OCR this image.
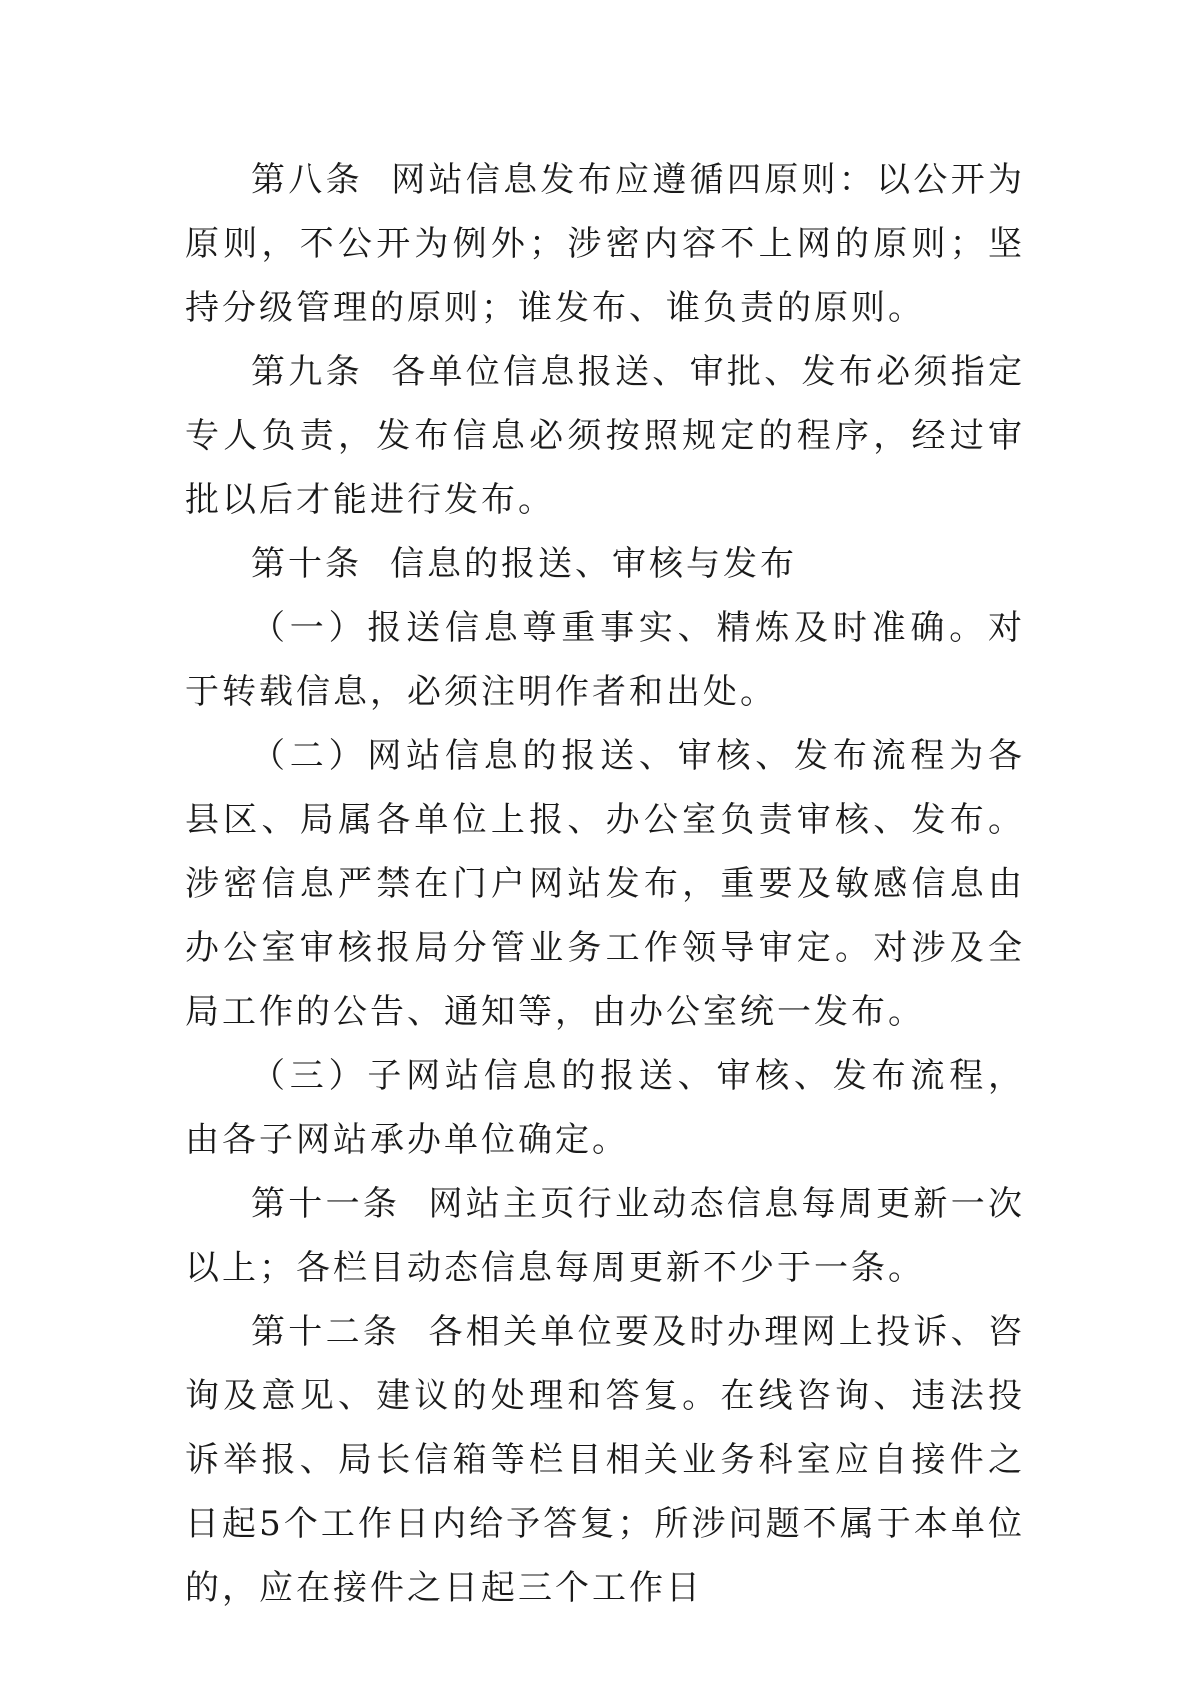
第八条 网站信息发布应遵循四原则：以公开为原则，不公开为例外；涉密内容不上网的原则；坚持分级管理的原则；谁发布、谁负责的原则。

第九条 各单位信息报送、审批、发布必须指定专人负责，发布信息必须按照规定的程序，经过审批以后才能进行发布。

第十条 信息的报送、审核与发布

（一）报送信息尊重事实、精炼及时准确。对于转载信息，必须注明作者和出处。

（二）网站信息的报送、审核、发布流程为各县区、局属各单位上报、办公室负责审核、发布。涉密信息严禁在门户网站发布，重要及敏感信息由办公室审核报局分管业务工作领导审定。对涉及全局工作的公告、通知等，由办公室统一发布。

（三）子网站信息的报送、审核、发布流程，由各子网站承办单位确定。

第十一条 网站主页行业动态信息每周更新一次以上；各栏目动态信息每周更新不少于一条。

第十二条 各相关单位要及时办理网上投诉、咨询及意见、建议的处理和答复。在线咨询、违法投诉举报、局长信箱等栏目相关业务科室应自接件之日起5个工作日内给予答复；所涉问题不属于本单位的，应在接件之日起三个工作日
